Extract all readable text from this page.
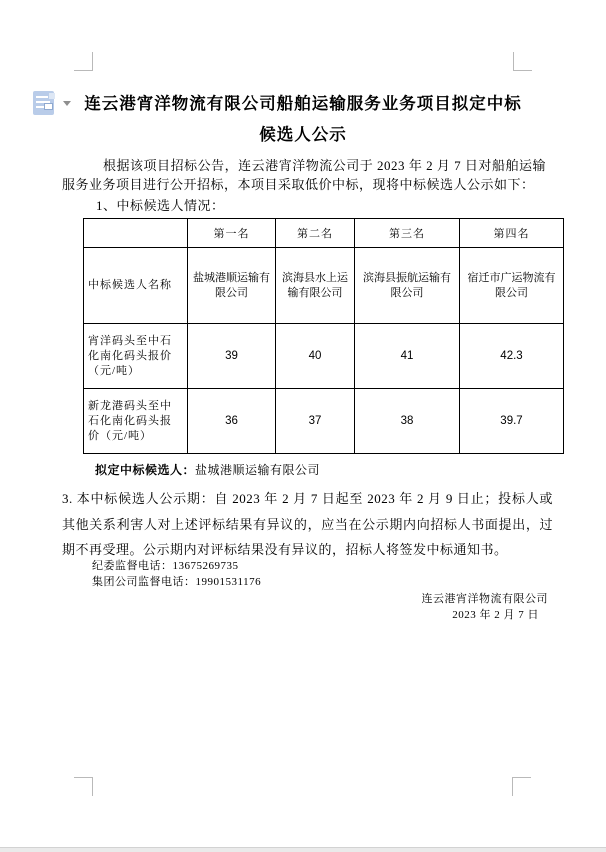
连云港宵洋物流有限公司船舶运输服务业务项目拟定中标
候选人公示
根据该项目招标公告，连云港宵洋物流公司于 2023 年 2 月 7 日对船舶运输服务业务项目进行公开招标，本项目采取低价中标，现将中标候选人公示如下：
1、中标候选人情况：
	第一名	第二名	第三名	第四名
中标候选人名称	盐城港顺运输有限公司	滨海县水上运输有限公司	滨海县振航运输有限公司	宿迁市广运物流有限公司
宵洋码头至中石化南化码头报价（元/吨）	39	40	41	42.3
新龙港码头至中石化南化码头报价（元/吨）	36	37	38	39.7
拟定中标候选人：盐城港顺运输有限公司
3. 本中标候选人公示期：自 2023 年 2 月 7 日起至 2023 年 2 月 9 日止；投标人或其他关系利害人对上述评标结果有异议的，应当在公示期内向招标人书面提出，过期不再受理。公示期内对评标结果没有异议的，招标人将签发中标通知书。
纪委监督电话：13675269735
集团公司监督电话：19901531176
连云港宵洋物流有限公司
2023 年 2 月 7 日
